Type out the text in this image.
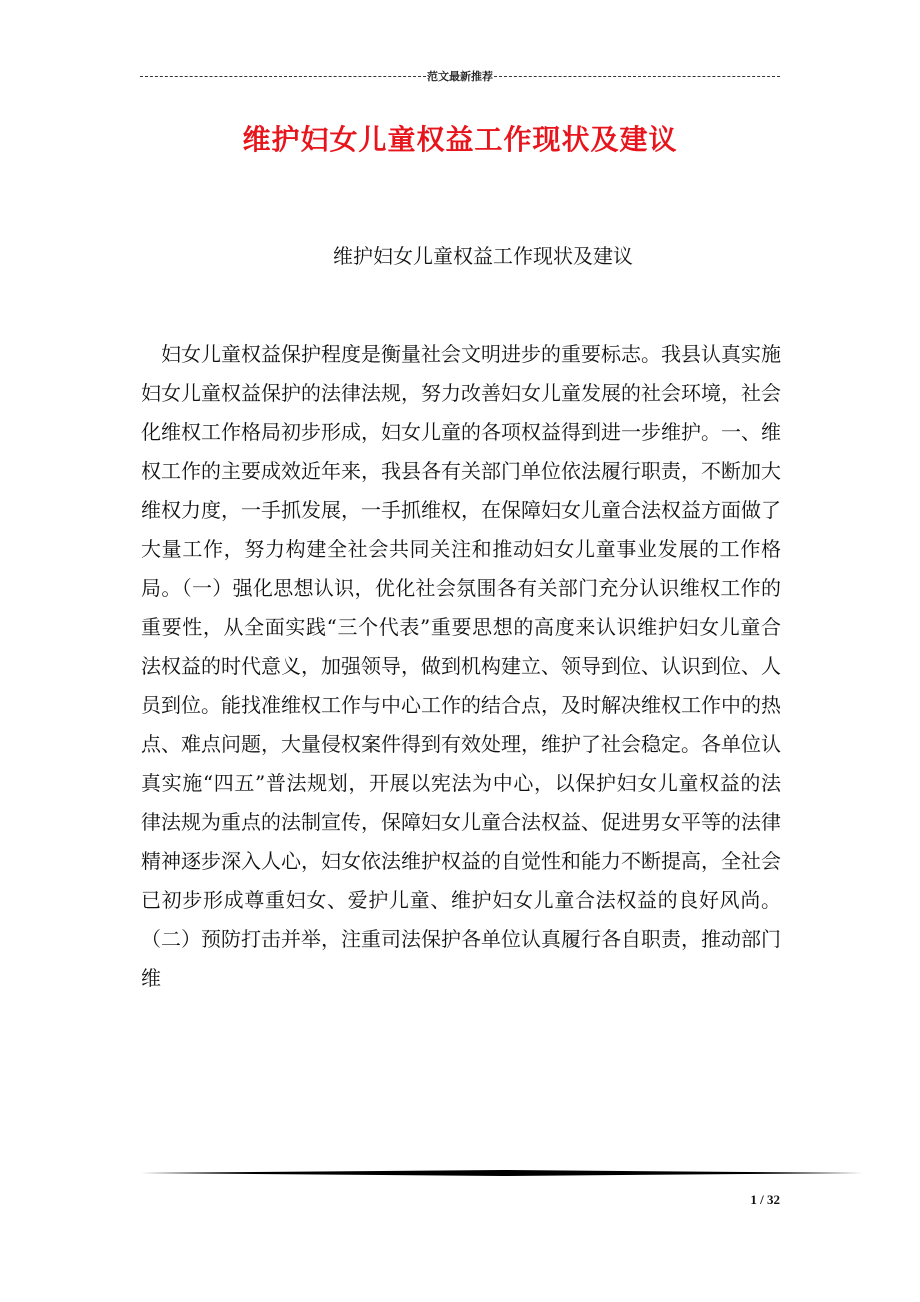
范文最新推荐
维护妇女儿童权益工作现状及建议
维护妇女儿童权益工作现状及建议

妇女儿童权益保护程度是衡量社会文明进步的重要标志。我县认真实施妇女儿童权益保护的法律法规，努力改善妇女儿童发展的社会环境，社会化维权工作格局初步形成，妇女儿童的各项权益得到进一步维护。一、维权工作的主要成效近年来，我县各有关部门单位依法履行职责，不断加大维权力度，一手抓发展，一手抓维权，在保障妇女儿童合法权益方面做了大量工作，努力构建全社会共同关注和推动妇女儿童事业发展的工作格局。（一）强化思想认识，优化社会氛围各有关部门充分认识维权工作的重要性，从全面实践“三个代表”重要思想的高度来认识维护妇女儿童合法权益的时代意义，加强领导，做到机构建立、领导到位、认识到位、人员到位。能找准维权工作与中心工作的结合点，及时解决维权工作中的热点、难点问题，大量侵权案件得到有效处理，维护了社会稳定。各单位认真实施“四五”普法规划，开展以宪法为中心，以保护妇女儿童权益的法律法规为重点的法制宣传，保障妇女儿童合法权益、促进男女平等的法律精神逐步深入人心，妇女依法维护权益的自觉性和能力不断提高，全社会已初步形成尊重妇女、爱护儿童、维护妇女儿童合法权益的良好风尚。（二）预防打击并举，注重司法保护各单位认真履行各自职责，推动部门维

1 / 32
